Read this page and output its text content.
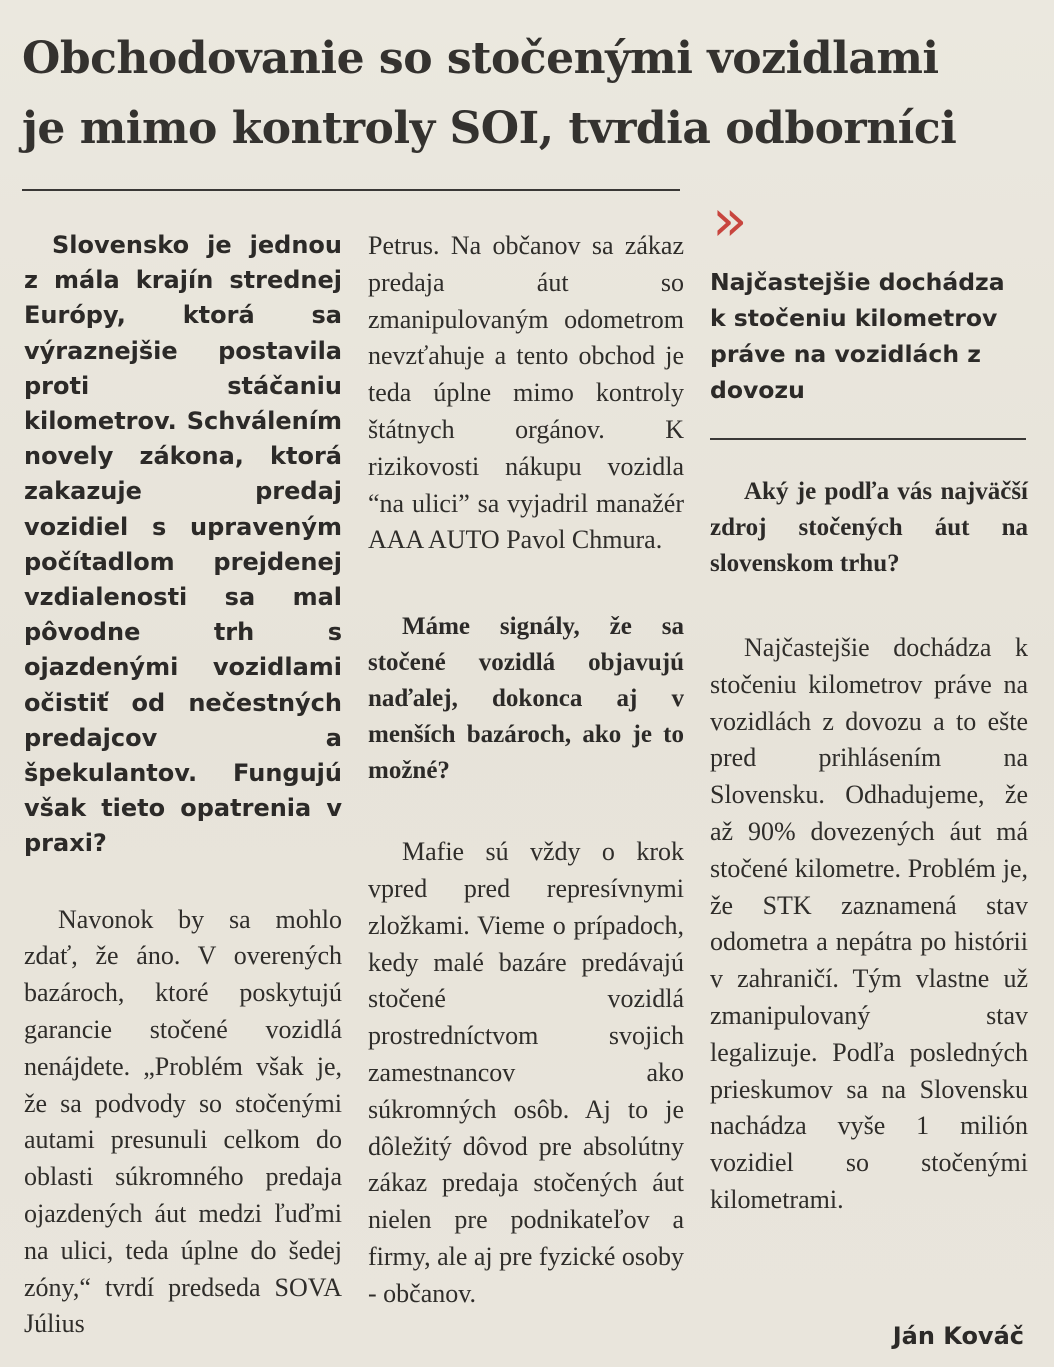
Obchodovanie so stočenými vozidlami
je mimo kontroly SOI, tvrdia odborníci

Slovensko je jednou z mála krajín strednej Európy, ktorá sa výraznejšie postavila proti stáčaniu kilometrov. Schválením novely zákona, ktorá zakazuje predaj vozidiel s upraveným počítadlom prejdenej vzdialenosti sa mal pôvodne trh s ojazdenými vozidlami očistiť od nečestných predajcov a špekulantov. Fungujú však tieto opatrenia v praxi?

Navonok by sa mohlo zdať, že áno. V overených bazároch, ktoré poskytujú garancie stočené vozidlá nenájdete. „Problém však je, že sa podvody so stočenými autami presunuli celkom do oblasti súkromného predaja ojazdených áut medzi ľuďmi na ulici, teda úplne do šedej zóny,“ tvrdí predseda SOVA Július

Petrus. Na občanov sa zákaz predaja áut so zmanipulovaným odometrom nevzťahuje a tento obchod je teda úplne mimo kontroly štátnych orgánov. K rizikovosti nákupu vozidla “na ulici” sa vyjadril manažér AAA AUTO Pavol Chmura.

Máme signály, že sa stočené vozidlá objavujú naďalej, dokonca aj v menších bazároch, ako je to možné?

Mafie sú vždy o krok vpred pred represívnymi zložkami. Vieme o prípadoch, kedy malé bazáre predávajú stočené vozidlá prostredníctvom svojich zamestnancov ako súkromných osôb. Aj to je dôležitý dôvod pre absolútny zákaz predaja stočených áut nielen pre podnikateľov a firmy, ale aj pre fyzické osoby - občanov.

»

Najčastejšie dochádza k stočeniu kilometrov práve na vozidlách z dovozu

Aký je podľa vás najväčší zdroj stočených áut na slovenskom trhu?

Najčastejšie dochádza k stočeniu kilometrov práve na vozidlách z dovozu a to ešte pred prihlásením na Slovensku. Odhadujeme, že až 90% dovezených áut má stočené kilometre. Problém je, že STK zaznamená stav odometra a nepátra po histórii v zahraničí. Tým vlastne už zmanipulovaný stav legalizuje. Podľa posledných prieskumov sa na Slovensku nachádza vyše 1 milión vozidiel so stočenými kilometrami.

Ján Kováč
